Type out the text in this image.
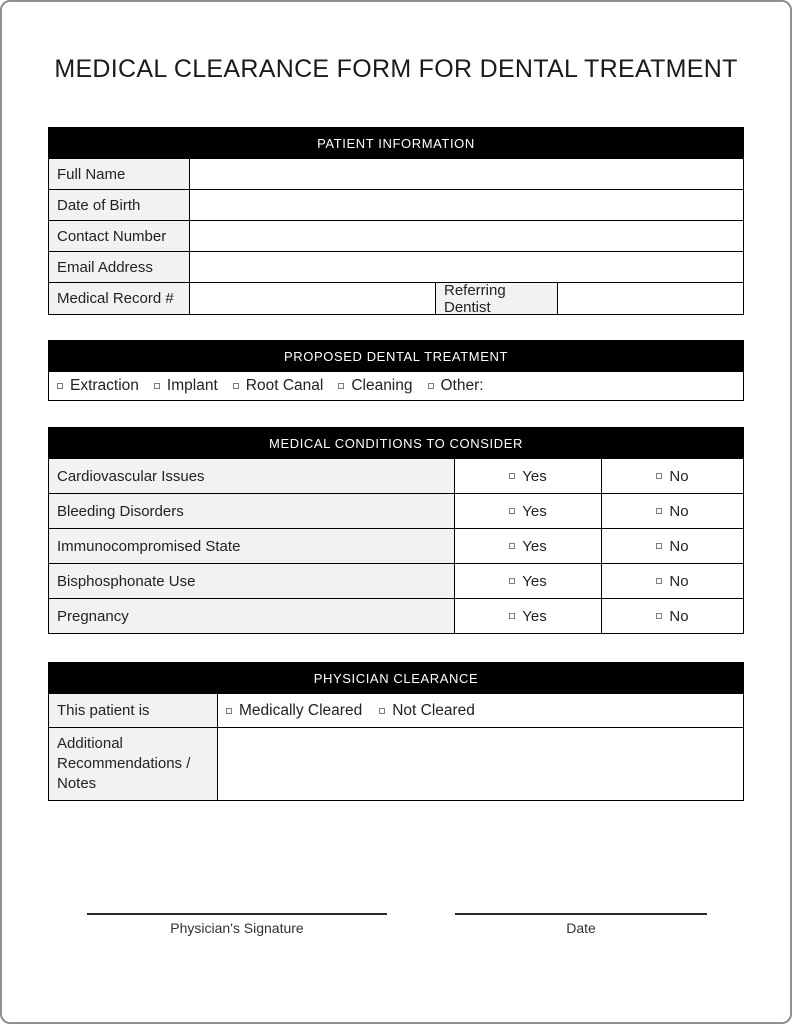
MEDICAL CLEARANCE FORM FOR DENTAL TREATMENT
PATIENT INFORMATION
Full Name
Date of Birth
Contact Number
Email Address
Medical Record #	Referring Dentist
PROPOSED DENTAL TREATMENT
Extraction Implant Root Canal Cleaning Other:
MEDICAL CONDITIONS TO CONSIDER
Cardiovascular Issues	Yes	No
Bleeding Disorders	Yes	No
Immunocompromised State	Yes	No
Bisphosphonate Use	Yes	No
Pregnancy	Yes	No
PHYSICIAN CLEARANCE
This patient is	Medically Cleared Not Cleared
Additional Recommendations / Notes
Physician's Signature	Date
